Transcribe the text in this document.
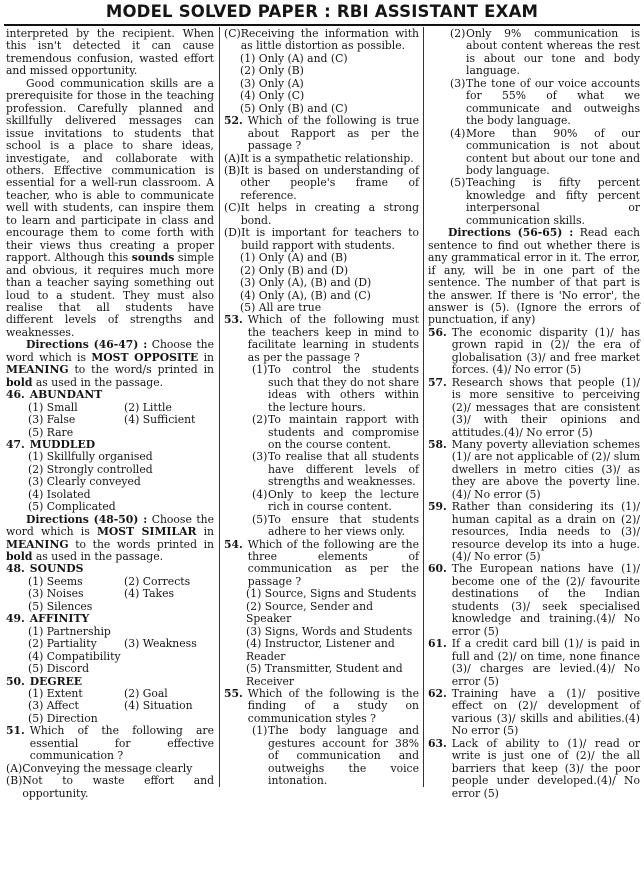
MODEL SOLVED PAPER : RBI ASSISTANT EXAM

interpreted by the recipient. When this isn't detected it can cause tremendous confusion, wasted effort and missed opportunity.

Good communication skills are a prerequisite for those in the teaching profession. Carefully planned and skillfully delivered messages can issue invitations to students that school is a place to share ideas, investigate, and collaborate with others. Effective communication is essential for a well-run classroom. A teacher, who is able to communicate well with students, can inspire them to learn and participate in class and encourage them to come forth with their views thus creating a proper rapport. Although this sounds simple and obvious, it requires much more than a teacher saying something out loud to a student. They must also realise that all students have different levels of strengths and weaknesses.

Directions (46-47) : Choose the word which is MOST OPPOSITE in MEANING to the word/s printed in bold as used in the passage.

46. ABUNDANT
(1) Small	(2) Little
(3) False	(4) Sufficient
(5) Rare
47. MUDDLED
(1) Skillfully organised
(2) Strongly controlled
(3) Clearly conveyed
(4) Isolated
(5) Complicated

Directions (48-50) : Choose the word which is MOST SIMILAR in MEANING to the words printed in bold as used in the passage.

48. SOUNDS
(1) Seems	(2) Corrects
(3) Noises	(4) Takes
(5) Silences
49. AFFINITY
(1) Partnership
(2) Partiality	(3) Weakness
(4) Compatibility
(5) Discord
50. DEGREE
(1) Extent	(2) Goal
(3) Affect	(4) Situation
(5) Direction
51. Which of the following are essential for effective communication ?
(A) Conveying the message clearly
(B) Not to waste effort and opportunity.
(C) Receiving the information with as little distortion as possible.
(1) Only (A) and (C)
(2) Only (B)
(3) Only (A)
(4) Only (C)
(5) Only (B) and (C)
52. Which of the following is true about Rapport as per the passage ?
(A) It is a sympathetic relationship.
(B) It is based on understanding of other people's frame of reference.
(C) It helps in creating a strong bond.
(D) It is important for teachers to build rapport with students.
(1) Only (A) and (B)
(2) Only (B) and (D)
(3) Only (A), (B) and (D)
(4) Only (A), (B) and (C)
(5) All are true
53. Which of the following must the teachers keep in mind to facilitate learning in students as per the passage ?
(1) To control the students such that they do not share ideas with others within the lecture hours.
(2) To maintain rapport with students and compromise on the course content.
(3) To realise that all students have different levels of strengths and weaknesses.
(4) Only to keep the lecture rich in course content.
(5) To ensure that students adhere to her views only.
54. Which of the following are the three elements of communication as per the passage ?
(1) Source, Signs and Students
(2) Source, Sender and Speaker
(3) Signs, Words and Students
(4) Instructor, Listener and Reader
(5) Transmitter, Student and Receiver
55. Which of the following is the finding of a study on communication styles ?
(1) The body language and gestures account for 38% of communication and outweighs the voice intonation.
(2) Only 9% communication is about content whereas the rest is about our tone and body language.
(3) The tone of our voice accounts for 55% of what we communicate and outweighs the body language.
(4) More than 90% of our communication is not about content but about our tone and body language.
(5) Teaching is fifty percent knowledge and fifty percent interpersonal or communication skills.

Directions (56-65) : Read each sentence to find out whether there is any grammatical error in it. The error, if any, will be in one part of the sentence. The number of that part is the answer. If there is 'No error', the answer is (5). (Ignore the errors of punctuation, if any)

56. The economic disparity (1)/ has grown rapid in (2)/ the era of globalisation (3)/ and free market forces. (4)/ No error (5)
57. Research shows that people (1)/ is more sensitive to perceiving (2)/ messages that are consistent (3)/ with their opinions and attitudes.(4)/ No error (5)
58. Many poverty alleviation schemes (1)/ are not applicable of (2)/ slum dwellers in metro cities (3)/ as they are above the poverty line.(4)/ No error (5)
59. Rather than considering its (1)/ human capital as a drain on (2)/ resources, India needs to (3)/ resource develop its into a huge.(4)/ No error (5)
60. The European nations have (1)/ become one of the (2)/ favourite destinations of the Indian students (3)/ seek specialised knowledge and training.(4)/ No error (5)
61. If a credit card bill (1)/ is paid in full and (2)/ on time, none finance (3)/ charges are levied.(4)/ No error (5)
62. Training have a (1)/ positive effect on (2)/ development of various (3)/ skills and abilities.(4) No error (5)
63. Lack of ability to (1)/ read or write is just one of (2)/ the all barriers that keep (3)/ the poor people under developed.(4)/ No error (5)
